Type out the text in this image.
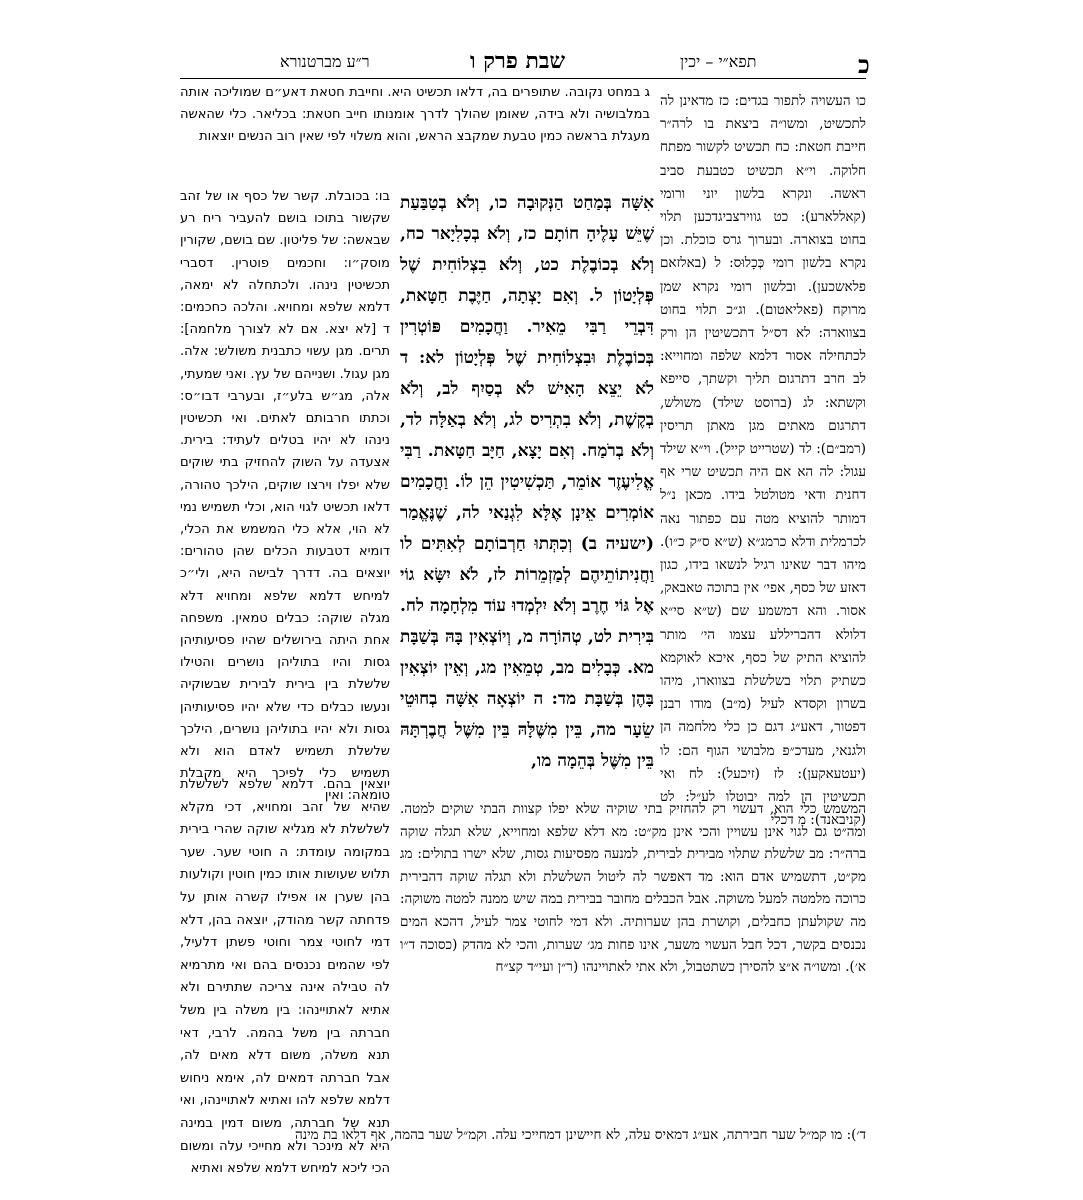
כ
תפא״י – יכין
שבת פרק ו
ר״ע מברטנורא

כו העשויה לתפור בגדים: כז מדאינן לה לתכשיט, ומשו״ה ביצאת בו לרה״ר חייבת חטאת: כח תכשיט לקשור מפתח חלוקה. וי״א תכשיט כטבעת סביב ראשה. ונקרא בלשון יוני ורומי (קאללארע): כט גווירצביגדכען תלוי בחוט בצוארה. ובערוך גרס כוכלת. וכן נקרא בלשון רומי כְּכָלוּס: ל (באלזאם פלאשכען). ובלשון רומי נקרא שמן מרוקח (פאליאטום). וג״כ תלוי בחוט בצווארה: לא דס״ל דתכשיטין הן ורק לכתחילה אסור דלמא שלפה ומחוייא: לב חרב דתרגום תליך וקשתך, סייפא וקשתא: לג (ברוסט שילד) משולש, דתרגום מאתים מגן מאתן תריסין (רמב״ם): לד (שטרייט קייל). וי״א שילד עגול: לה הא אם היה תכשיט שרי אף דחנית ודאי מטולטל בידו. מכאן נ״ל דמותר להוציא מטה עם כפתור נאה לכרמלית ודלא כרמג״א (ש״א ס״ק כ״ו). מיהו דבר שאינו רגיל לנשאו בידו, כגון דאזע של כסף, אפי׳ אין בתוכה טאבאק, אסור. והא דמשמע שם (ש״א סי״א דלולא דהבריללע עצמו הי׳ מותר להוציא התיק של כסף, איכא לאוקמא כשתיק תלוי בשלשלת בצווארו, מיהו בשרון וקסדא לעיל (מ״ב) מודו רבנן דפטור, דאע״ג דגם כן כלי מלחמה הן ולגנאי, מעדכ״פ מלבושי הגוף הם: לו (יעטעאקען): לז (זיכעל): לח ואי תכשיטין הן למה יבוטלו לע״ל: לט (קניבאנד): מ דכלי

אִשָּׁה בְּמַחַט הַנְּקוּבָה כו, וְלֹא בְטַבַּעַת שֶׁיֵּשׁ עָלֶיהָ חוֹתָם כז, וְלֹא בְכָלִיָאר כח, וְלֹא בְכוֹבֶלֶת כט, וְלֹא בִצְלוֹחִית שֶׁל פְּלְיָטוֹן ל. וְאִם יָצְתָה, חַיֶּבֶת חַטָּאת, דִּבְרֵי רַבִּי מֵאִיר. וַחֲכָמִים פּוֹטְרִין בְּכוֹבֶלֶת וּבִצְלוֹחִית שֶׁל פְּלְיָטוֹן לא: ד לֹא יֵצֵא הָאִישׁ לֹא בְסַיִף לב, וְלֹא בְקֶשֶׁת, וְלֹא בִתְרִיס לג, וְלֹא בְאַלָּה לד, וְלֹא בְרֹמַח. וְאִם יָצָא, חַיָּב חַטָּאת. רַבִּי אֱלִיעֶזֶר אוֹמֵר, תַּכְשִׁיטִין הֵן לוֹ. וַחֲכָמִים אוֹמְרִים אֵינָן אֶלָּא לִגְנַאי לה, שֶׁנֶּאֱמַר (ישעיה ב) וְכִתְּתוּ חַרְבוֹתָם לְאִתִּים לו וַחֲנִיתוֹתֵיהֶם לְמַזְמֵרוֹת לז, לֹא יִשָּׂא גוֹי אֶל גּוֹי חֶרֶב וְלֹא יִלְמְדוּ עוֹד מִלְחָמָה לח. בִּירִית לט, טְהוֹרָה מ, וְיוֹצְאִין בָּהּ בְּשַׁבָּת מא. כְּבָלִים מב, טְמֵאִין מג, וְאֵין יוֹצְאִין בָּהֶן בְּשַׁבָּת מד: ה יוֹצְאָה אִשָּׁה בְחוּטֵי שֵׂעָר מה, בֵּין מִשֶּׁלָּהּ בֵּין מִשֶּׁל חֲבֶרְתָּהּ בֵּין מִשֶּׁל בְּהֵמָה מו,

ג במחט נקובה. שתופרים בה, דלאו תכשיט היא. וחייבת חטאת דאע״ם שמוליכה אותה במלבושיה ולא בידה, שאומן שהולך לדרך אומנותו חייב חטאת: בכליאר. כלי שהאשה מעגלת בראשה כמין טבעת שמקבצ הראש, והוא משלוי לפי שאין רוב הנשים יוצאות

בו: בכובלת. קשר של כסף או של זהב שקשור בתוכו בושם להעביר ריח רע שבאשה: של פליטון. שם בושם, שקורין מוסק״ו: וחכמים פוטרין. דסברי תכשיטין נינהו. ולכתחלה לא ימאה, דלמא שלפא ומחויא. והלכה כחכמים: ד [לא יצא. אם לא לצורך מלחמה]: תרים. מגן עשוי כתבנית משולש: אלה. מגן עגול. ושנייהם של עץ. ואני שמעתי, אלה, מג״ש בלע״ז, ובערבי דבו״ס: וכתתו חרבותם לאתים. ואי תכשיטין נינהו לא יהיו בטלים לעתיד: בירית. אצעדה על השוק להחזיק בתי שוקים שלא יפלו וירצו שוקים, הילכך טהורה, דלאו תכשיט לגוי הוא, וכלי תשמיש נמי לא הוי, אלא כלי המשמש את הכלי, דומיא דטבעות הכלים שהן טהורים: יוצאים בה. דדרך לבישה היא, ולי״כ למיחש דלמא שלפא ומחויא דלא מגלה שוקה: כבלים טמאין. משפחה אחת היתה בירושלים שהיו פסיעותיהן גסות והיו בתוליהן נושרים והטילו שלשלת בין בירית לבירית שבשוקיה ונעשו כבלים כדי שלא יהיו פסיעותיהן גסות ולא יהיו בתוליהן נושרים, הילכך שלשלת תשמיש לאדם הוא ולא תשמיש כלי לפיכך היא מקבלת טומאה: ואין

המשמש כלי הוא, דעשוי רק להחזיק בתי שוקיה שלא יפלו קצוות הבתי שוקים למטה. ומה״ט גם לגוי אינן עשויין והכי אינן מק״ט: מא דלא שלפא ומחוייא, שלא תגלה שוקה ברה״ר: מב שלשלת שתלוי מבירית לבירית, למנעה מפסיעות גסות, שלא ישרו בתולים: מג מק״ט, דתשמיש אדם הוא: מד דאפשר לה ליטול השלשלת ולא תגלה שוקה דהבירית כרוכה מלמטה למעל משוקה. אבל הכבלים מחובר בבירית במה שיש ממנה למטה משוקה: מה שקולעתן כחבלים, וקושרת בהן שערותיה. ולא דמי לחוטי צמר לעיל, דהכא המים נכנסים בקשר, דכל חבל העשוי משער, אינו פחות מג׳ שערות, והכי לא מהדק (כסוכה ד״ו א׳). ומשו״ה א״צ להסירן כשתטבול, ולא אתי לאתויינהו (ר״ן ועי״ד קצ״ח

יוצאין בהם. דלמא שלפא לשלשלת שהיא של זהב ומחויא, דכי מקלא לשלשלת לא מגליא שוקה שהרי בירית במקומה עומדת: ה חוטי שער. שער תלוש שעושות אותו כמין חוטין וקולעות בהן שערן או אפילו קשרה אותן על פדחתה קשר מהודק, יוצאה בהן, דלא דמי לחוטי צמר וחוטי פשתן דלעיל, לפי שהמים נכנסים בהם ואי מתרמיא לה טבילה אינה צריכה שתתירם ולא אתיא לאתויינהו: בין משלה בין משל חברתה בין משל בהמה. לרבי, דאי תנא משלה, משום דלא מאים לה, אבל חברתה דמאים לה, אימא ניחוש דלמא שלפא להו ואתיא לאתויינהו, ואי תנא של חברתה, משום דמין במינה היא לא מינכר ולא מחייכי עלה ומשום הכי ליכא למיחש דלמא שלפא ואתיא

ד׳): מו קמ״ל שער חבירתה, אע״ג דמאיס עלה, לא חיישינן דמחייכי עלה. וקמ״ל שער בהמה, אף דלאו בת מינה
